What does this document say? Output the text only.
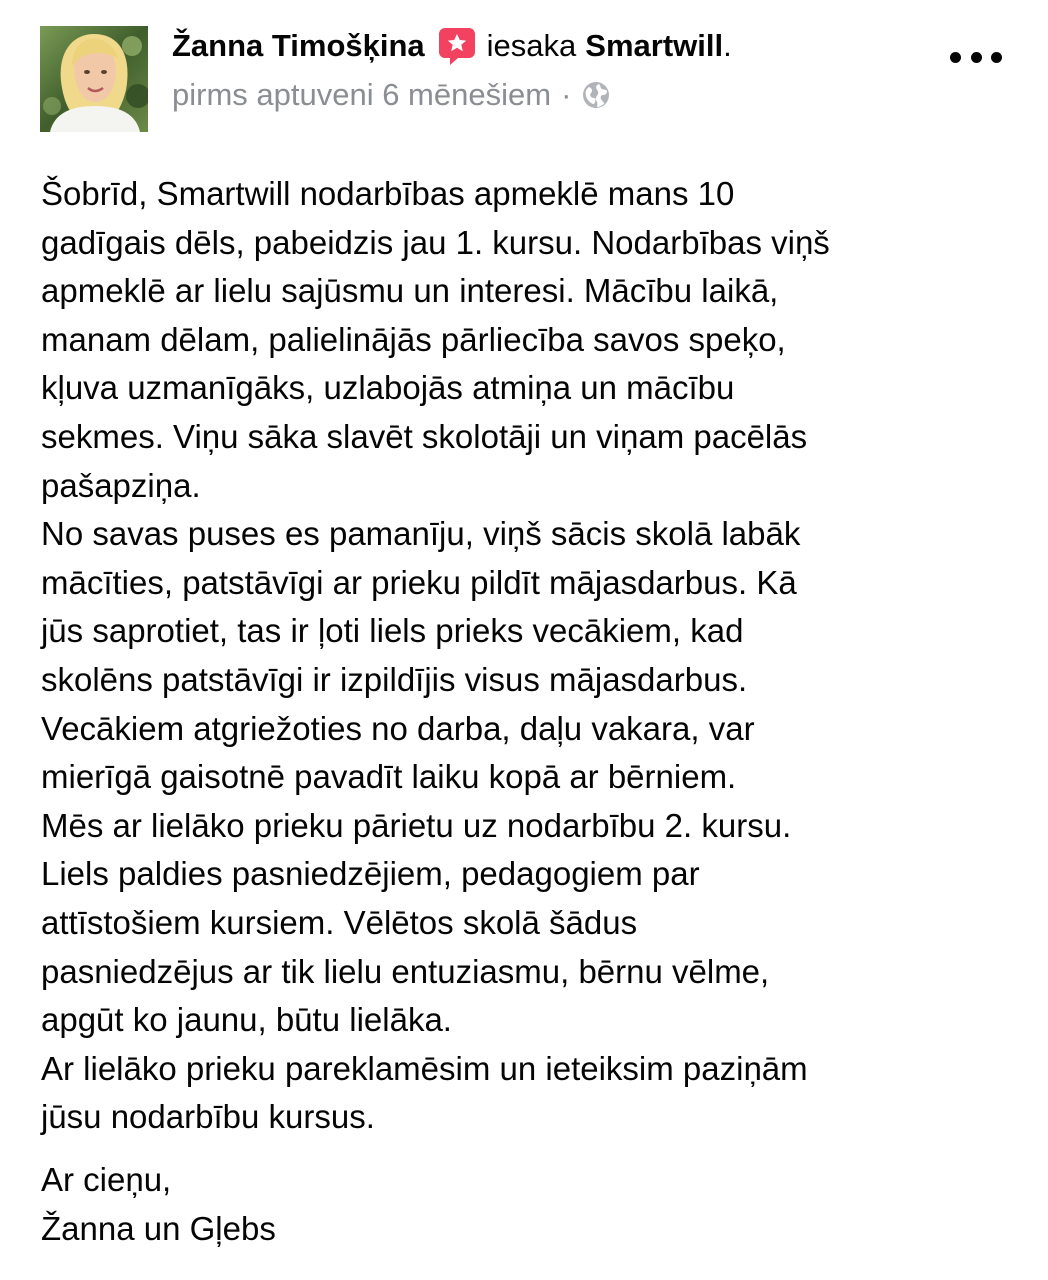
Žanna Timošķina iesaka Smartwill .
pirms aptuveni 6 mēnešiem ·

Šobrīd, Smartwill nodarbības apmeklē mans 10

gadīgais dēls, pabeidzis jau 1. kursu. Nodarbības viņš

apmeklē ar lielu sajūsmu un interesi. Mācību laikā,

manam dēlam, palielinājās pārliecība savos speķo,

kļuva uzmanīgāks, uzlabojās atmiņa un mācību

sekmes. Viņu sāka slavēt skolotāji un viņam pacēlās

pašapziņa.

No savas puses es pamanīju, viņš sācis skolā labāk

mācīties, patstāvīgi ar prieku pildīt mājasdarbus. Kā

jūs saprotiet, tas ir ļoti liels prieks vecākiem, kad

skolēns patstāvīgi ir izpildījis visus mājasdarbus.

Vecākiem atgriežoties no darba, daļu vakara, var

mierīgā gaisotnē pavadīt laiku kopā ar bērniem.

Mēs ar lielāko prieku pārietu uz nodarbību 2. kursu.

Liels paldies pasniedzējiem, pedagogiem par

attīstošiem kursiem. Vēlētos skolā šādus

pasniedzējus ar tik lielu entuziasmu, bērnu vēlme,

apgūt ko jaunu, būtu lielāka.

Ar lielāko prieku pareklamēsim un ieteiksim paziņām

jūsu nodarbību kursus.

Ar cieņu,

Žanna un Gļebs
